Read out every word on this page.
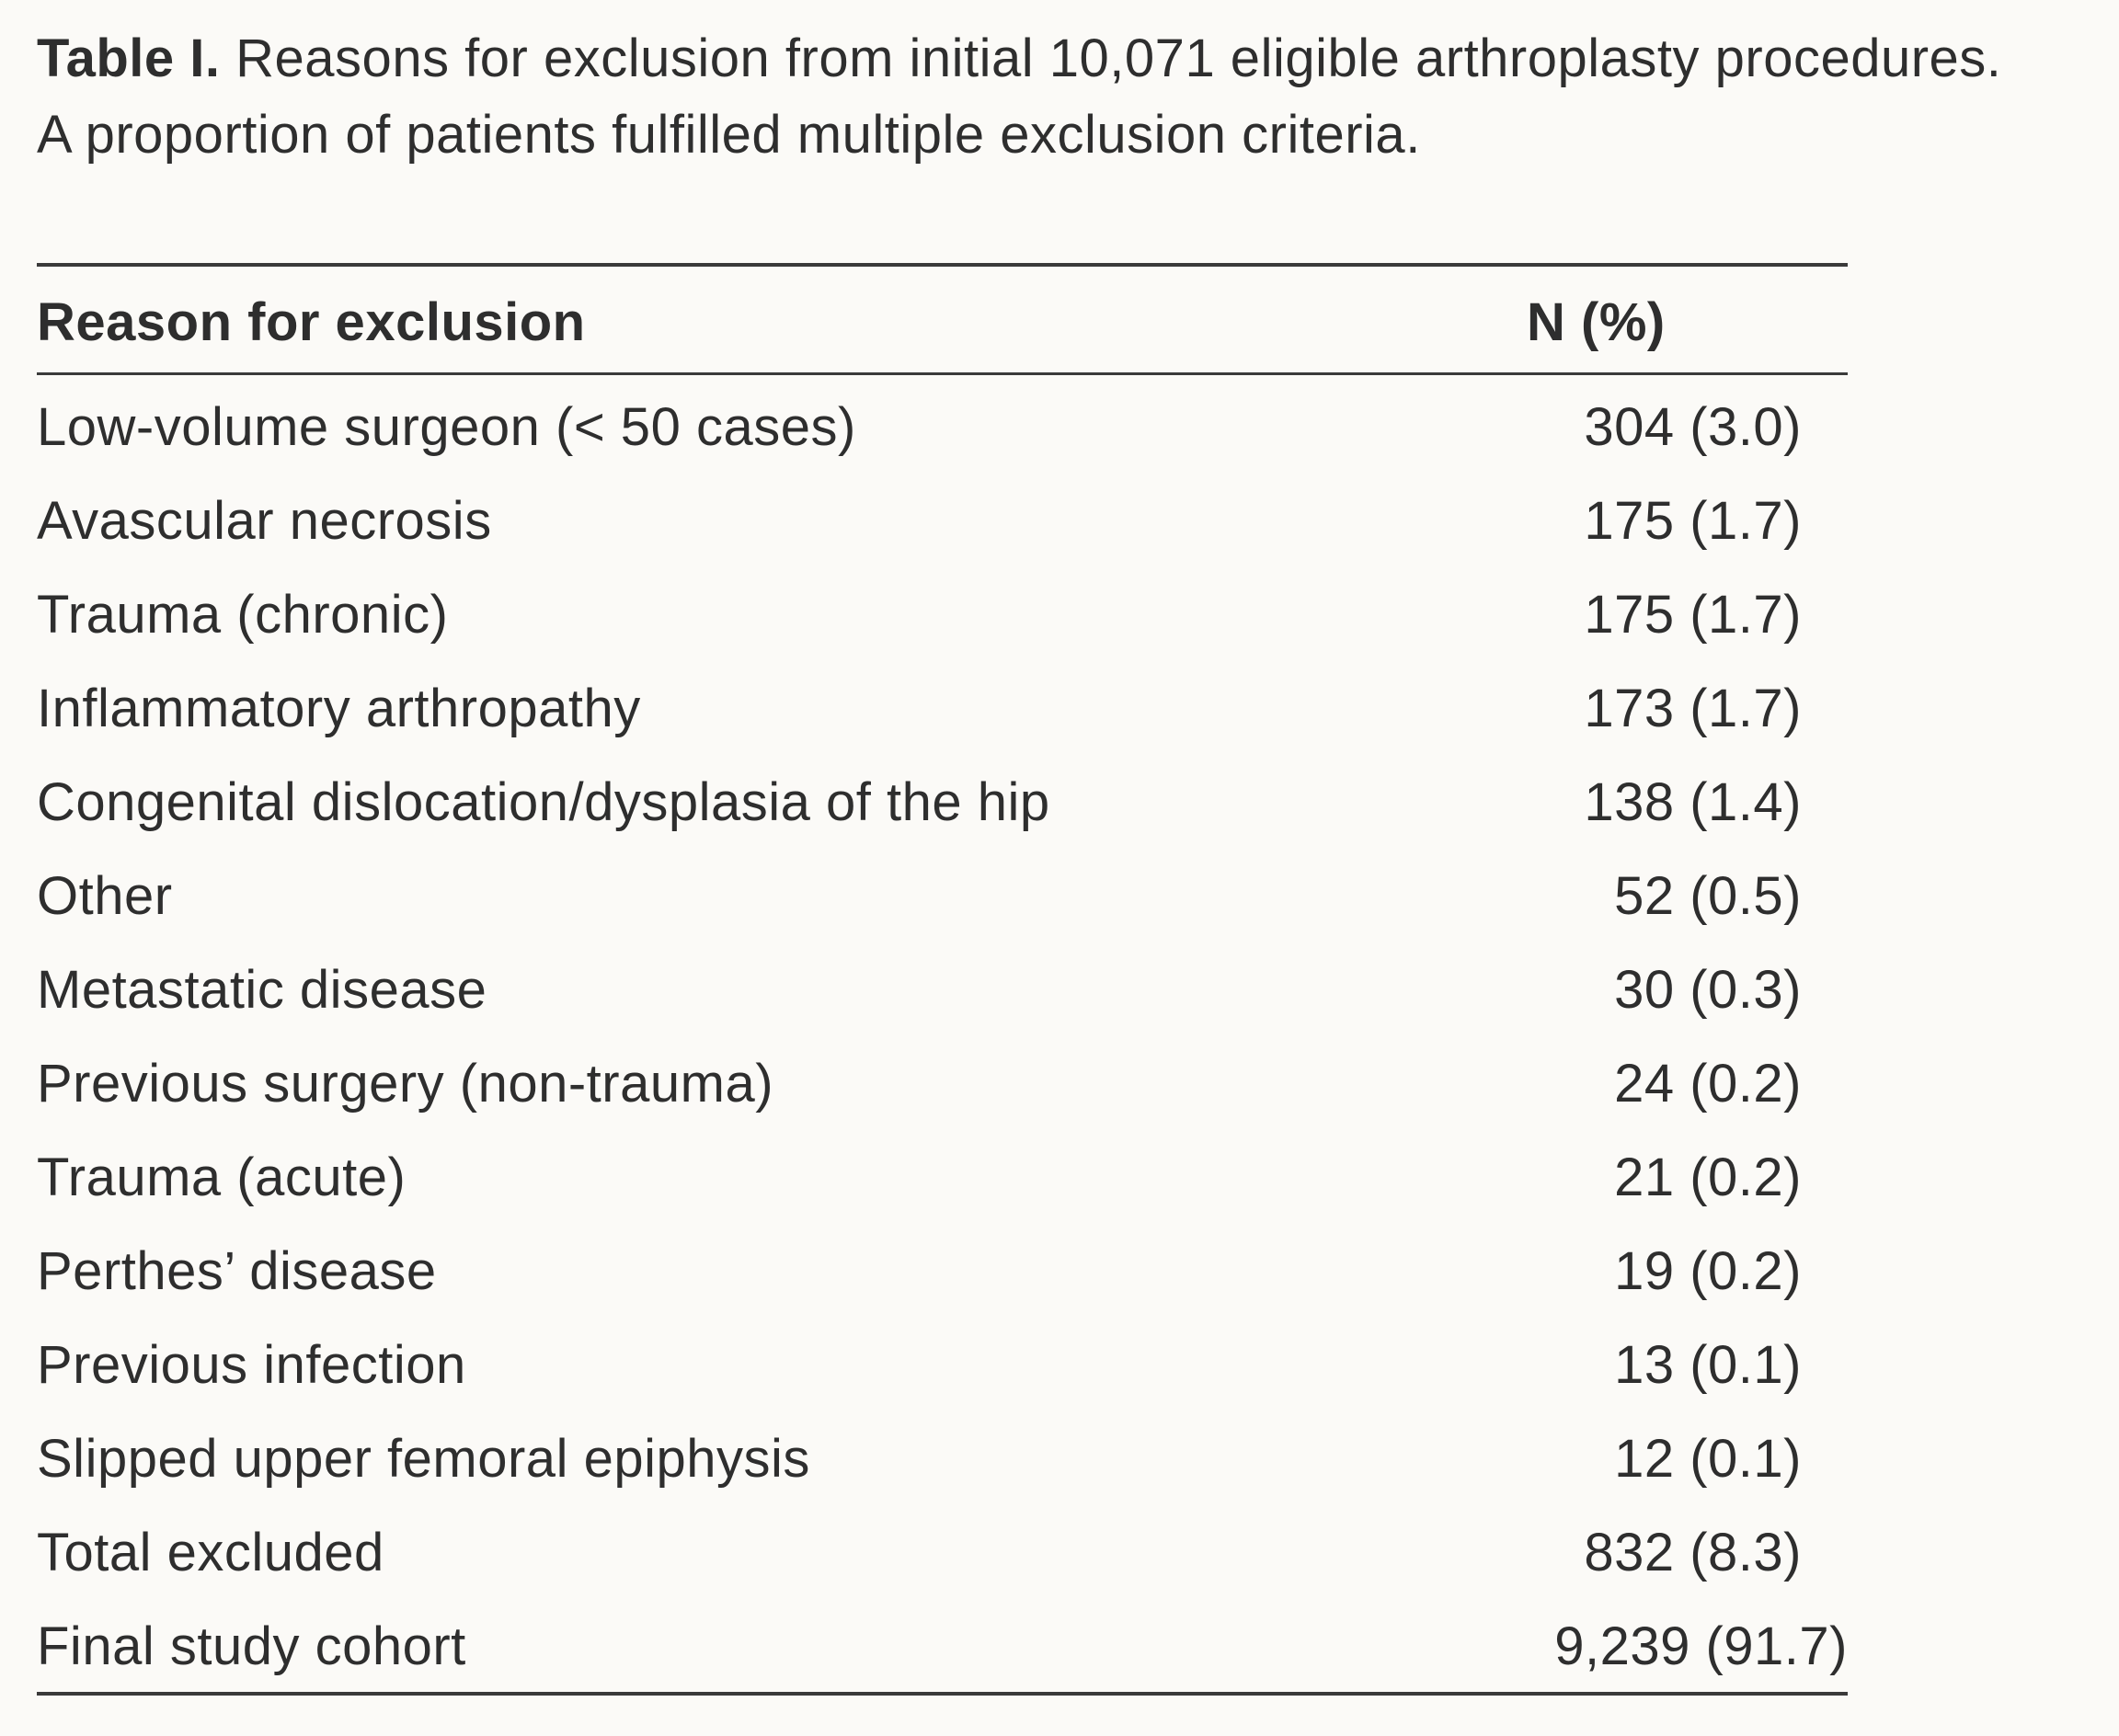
Table I. Reasons for exclusion from initial 10,071 eligible arthroplasty procedures. A proportion of patients fulfilled multiple exclusion criteria.
Reason for exclusion	N (%)
Low-volume surgeon (< 50 cases)	304 (3.0)
Avascular necrosis	175 (1.7)
Trauma (chronic)	175 (1.7)
Inflammatory arthropathy	173 (1.7)
Congenital dislocation/dysplasia of the hip	138 (1.4)
Other	52 (0.5)
Metastatic disease	30 (0.3)
Previous surgery (non-trauma)	24 (0.2)
Trauma (acute)	21 (0.2)
Perthes’ disease	19 (0.2)
Previous infection	13 (0.1)
Slipped upper femoral epiphysis	12 (0.1)
Total excluded	832 (8.3)
Final study cohort	9,239 (91.7)
